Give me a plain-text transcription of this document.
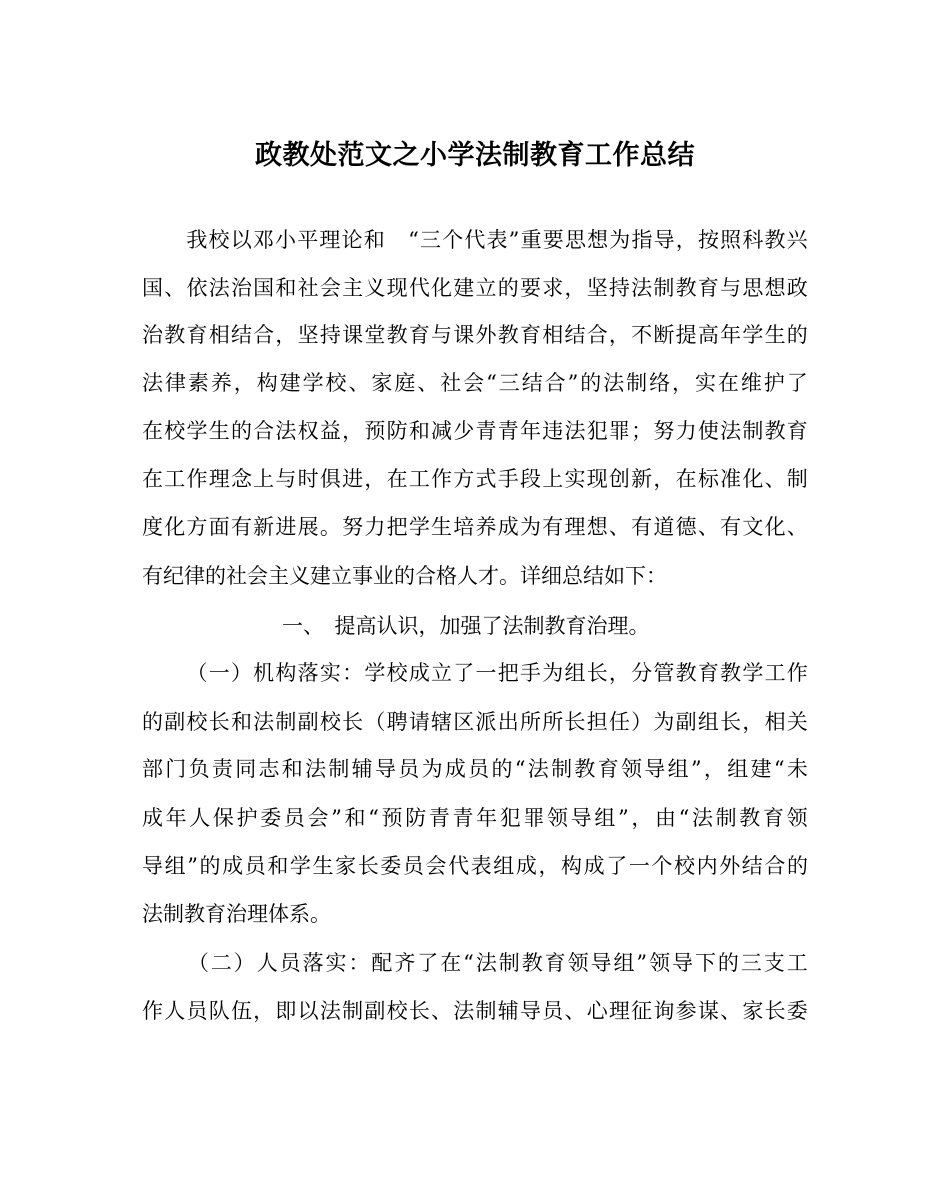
政教处范文之小学法制教育工作总结

我 校 以 邓 小 平 理 论 和
　 “ 三 个 代 表 ” 重 要 思 想 为 指 导 ， 按 照 科 教 兴
国 、 依 法 治 国 和 社 会 主 义 现 代 化 建 立 的 要 求 ， 坚 持 法 制 教 育 与 思 想 政
治 教 育 相 结 合 ， 坚 持 课 堂 教 育 与 课 外 教 育 相 结 合 ， 不 断 提 高 年 学 生 的
法 律 素 养 ， 构 建 学 校 、 家 庭 、 社 会 “ 三 结 合 ” 的 法 制 络 ， 实 在 维 护 了
在 校 学 生 的 合 法 权 益 ， 预 防 和 减 少 青 青 年 违 法 犯 罪 ； 努 力 使 法 制 教 育
在 工 作 理 念 上 与 时 俱 进 ， 在 工 作 方 式 手 段 上 实 现 创 新 ， 在 标 准 化 、 制
度 化 方 面 有 新 进 展 。 努 力 把 学 生 培 养 成 为 有 理 想 、 有 道 德 、 有 文 化 、
有纪律的社会主义建立事业的合格人才。详细总结如下：
一、　提高认识，加强了法制教育治理。

（ 一 ） 机 构 落 实 ： 学 校 成 立 了 一 把 手 为 组 长 ， 分 管 教 育 教 学 工 作
的 副 校 长 和 法 制 副 校 长 （ 聘 请 辖 区 派 出 所 所 长 担 任 ） 为 副 组 长 ， 相 关
部 门 负 责 同 志 和 法 制 辅 导 员 为 成 员 的 “ 法 制 教 育 领 导 组 ” ， 组 建 “ 未
成 年 人 保 护 委 员 会 ” 和 “ 预 防 青 青 年 犯 罪 领 导 组 ” ， 由 “ 法 制 教 育 领
导 组 ” 的 成 员 和 学 生 家 长 委 员 会 代 表 组 成 ， 构 成 了 一 个 校 内 外 结 合 的
法制教育治理体系。

（ 二 ） 人 员 落 实 ： 配 齐 了 在 “ 法 制 教 育 领 导 组 ” 领 导 下 的 三 支 工
作 人 员 队 伍 ， 即 以 法 制 副 校 长 、 法 制 辅 导 员 、 心 理 征 询 参 谋 、 家 长 委
